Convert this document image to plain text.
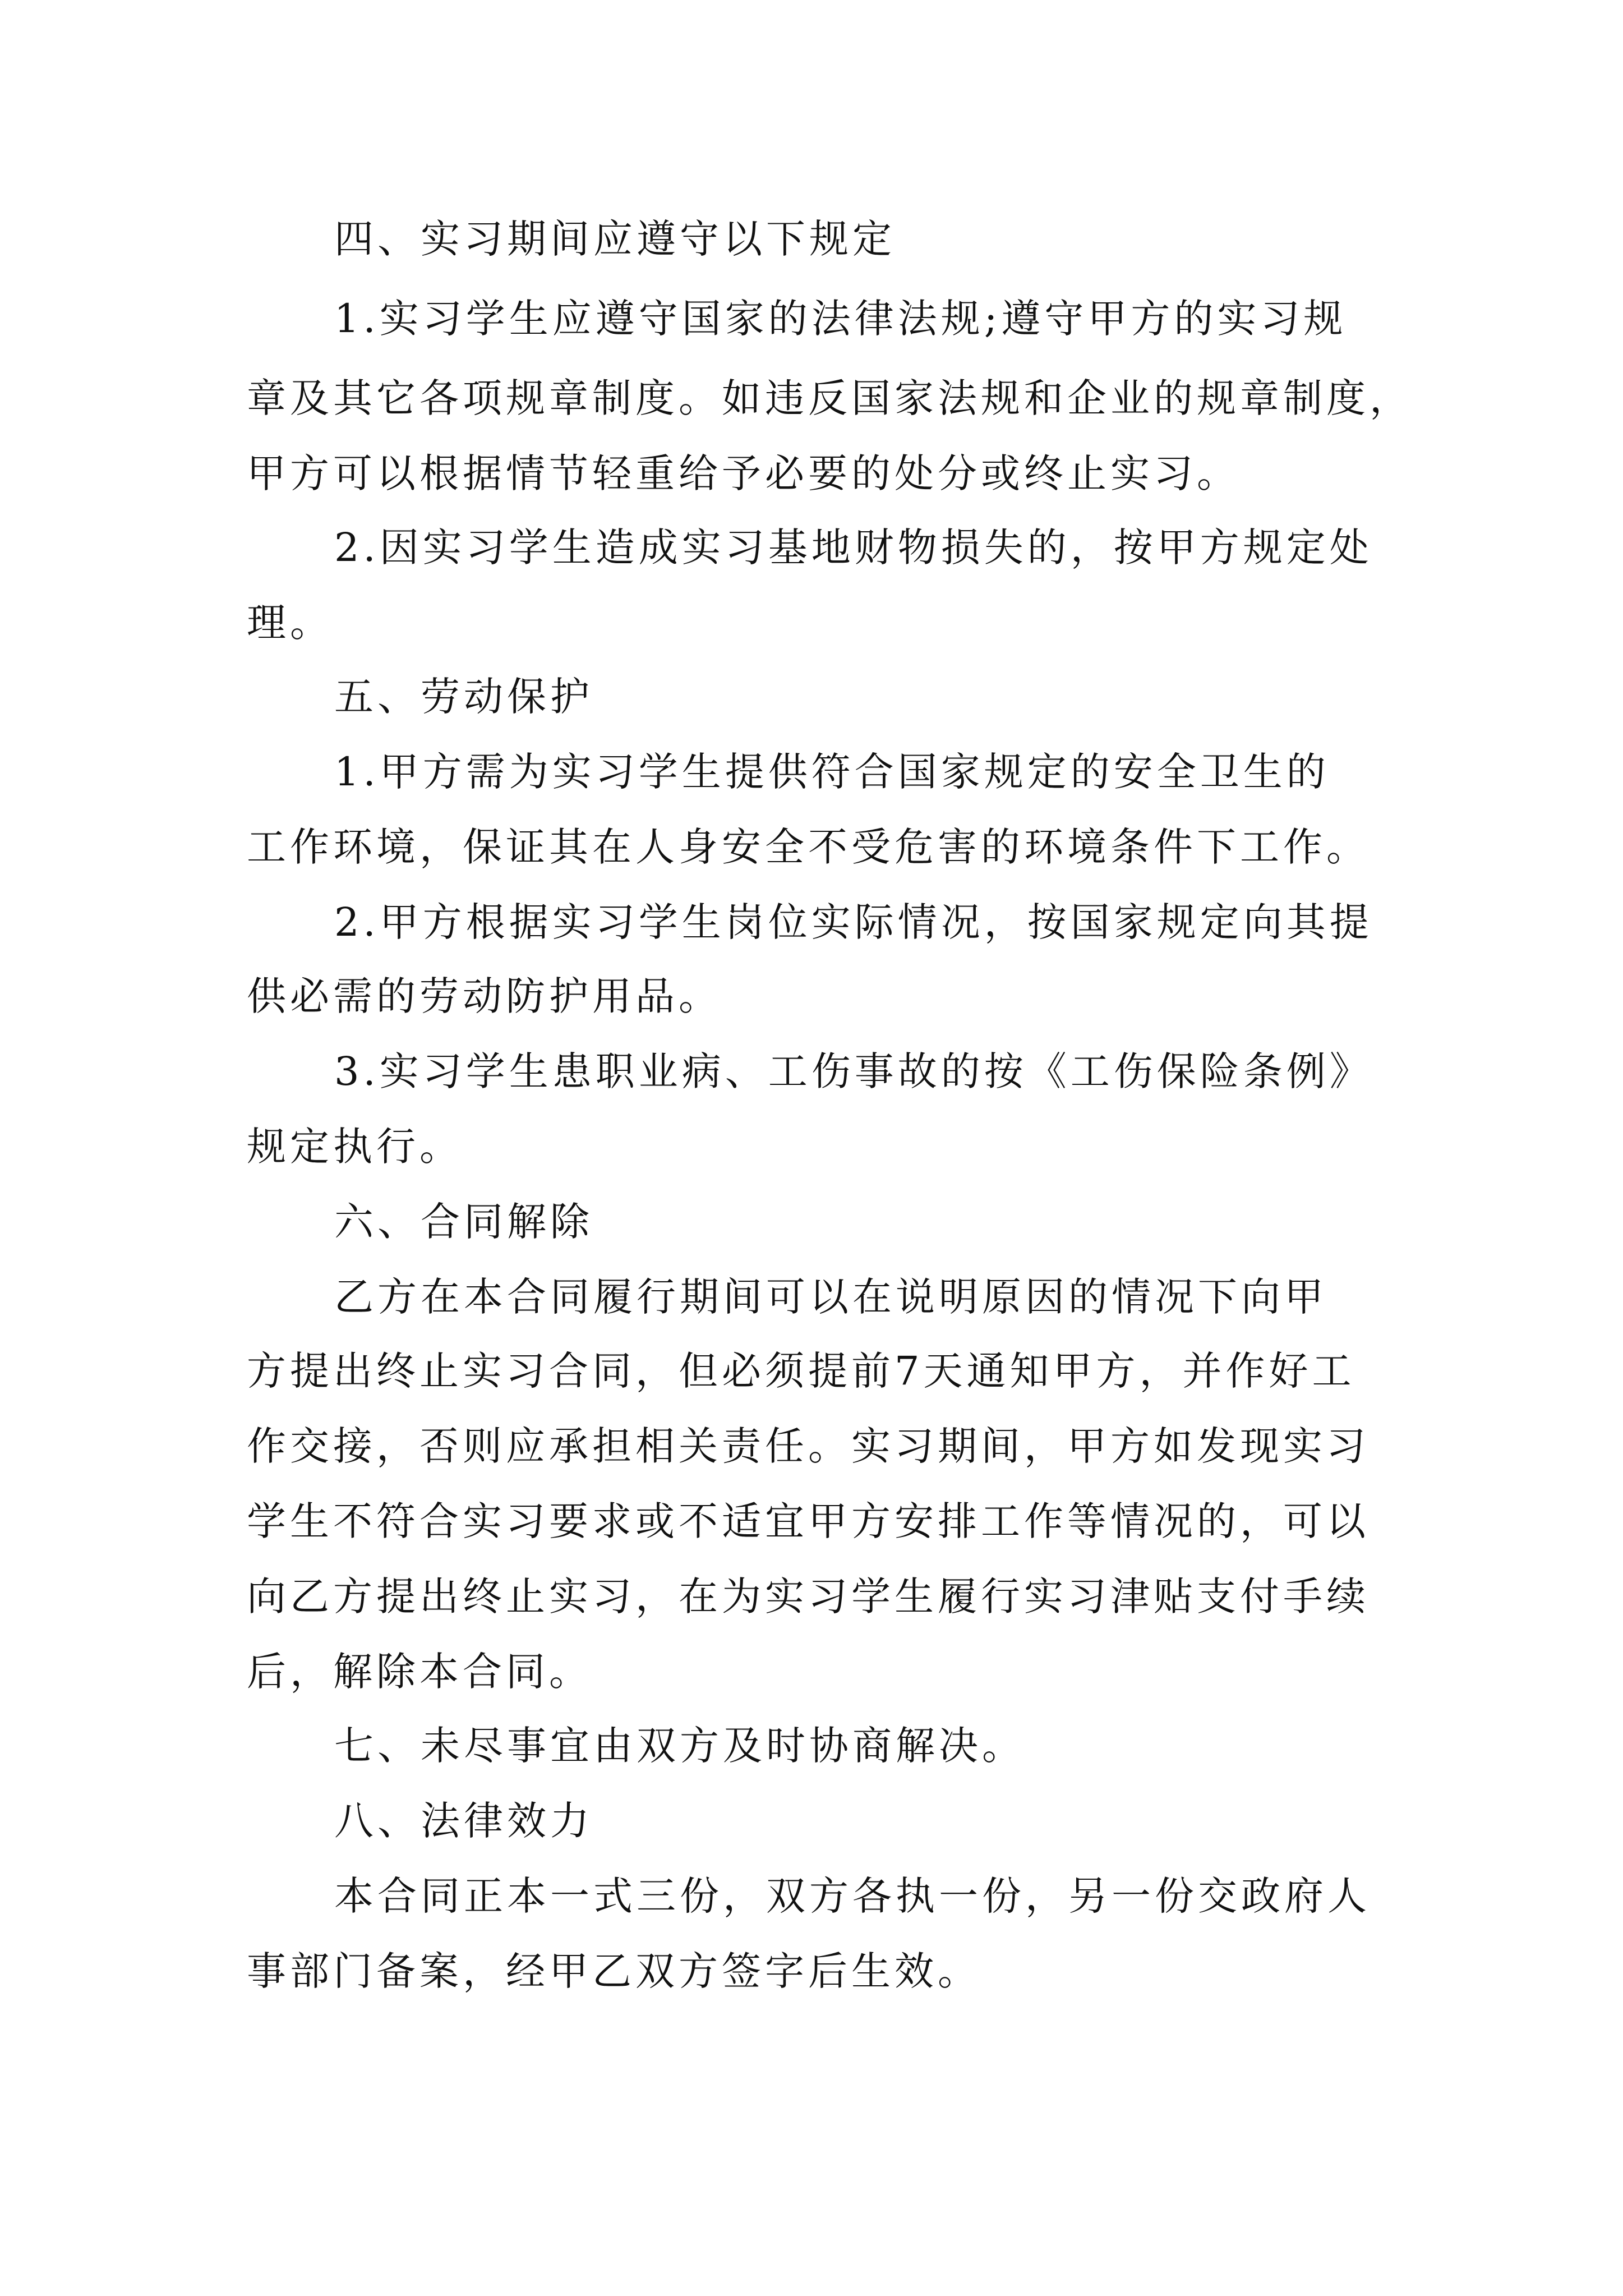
四、实习期间应遵守以下规定
1.实习学生应遵守国家的法律法规;遵守甲方的实习规
章及其它各项规章制度。如违反国家法规和企业的规章制度，
甲方可以根据情节轻重给予必要的处分或终止实习。
2.因实习学生造成实习基地财物损失的，按甲方规定处
理。
五、劳动保护
1.甲方需为实习学生提供符合国家规定的安全卫生的
工作环境，保证其在人身安全不受危害的环境条件下工作。
2.甲方根据实习学生岗位实际情况，按国家规定向其提
供必需的劳动防护用品。
3.实习学生患职业病、工伤事故的按《工伤保险条例》
规定执行。
六、合同解除
乙方在本合同履行期间可以在说明原因的情况下向甲
方提出终止实习合同，但必须提前7天通知甲方，并作好工
作交接，否则应承担相关责任。实习期间，甲方如发现实习
学生不符合实习要求或不适宜甲方安排工作等情况的，可以
向乙方提出终止实习，在为实习学生履行实习津贴支付手续
后，解除本合同。
七、未尽事宜由双方及时协商解决。
八、法律效力
本合同正本一式三份，双方各执一份，另一份交政府人
事部门备案，经甲乙双方签字后生效。
